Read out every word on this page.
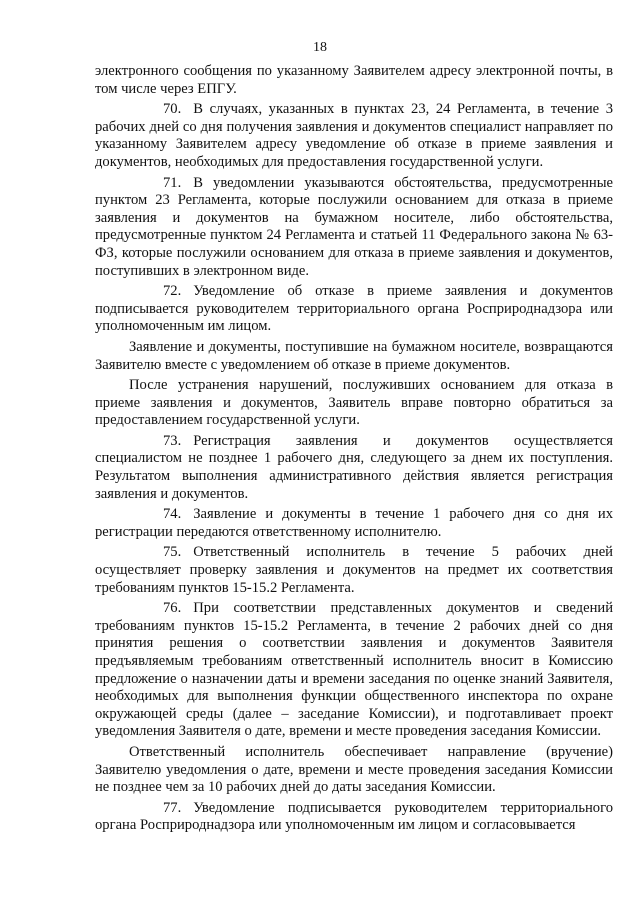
18

электронного сообщения по указанному Заявителем адресу электронной почты, в том числе через ЕПГУ.

70. В случаях, указанных в пунктах 23, 24 Регламента, в течение 3 рабочих дней со дня получения заявления и документов специалист направляет по указанному Заявителем адресу уведомление об отказе в приеме заявления и документов, необходимых для предоставления государственной услуги.

71. В уведомлении указываются обстоятельства, предусмотренные пунктом 23 Регламента, которые послужили основанием для отказа в приеме заявления и документов на бумажном носителе, либо обстоятельства, предусмотренные пунктом 24 Регламента и статьей 11 Федерального закона № 63-ФЗ, которые послужили основанием для отказа в приеме заявления и документов, поступивших в электронном виде.

72. Уведомление об отказе в приеме заявления и документов подписывается руководителем территориального органа Росприроднадзора или уполномоченным им лицом.

Заявление и документы, поступившие на бумажном носителе, возвращаются Заявителю вместе с уведомлением об отказе в приеме документов.

После устранения нарушений, послуживших основанием для отказа в приеме заявления и документов, Заявитель вправе повторно обратиться за предоставлением государственной услуги.

73. Регистрация заявления и документов осуществляется специалистом не позднее 1 рабочего дня, следующего за днем их поступления. Результатом выполнения административного действия является регистрация заявления и документов.

74. Заявление и документы в течение 1 рабочего дня со дня их регистрации передаются ответственному исполнителю.

75. Ответственный исполнитель в течение 5 рабочих дней осуществляет проверку заявления и документов на предмет их соответствия требованиям пунктов 15-15.2 Регламента.

76. При соответствии представленных документов и сведений требованиям пунктов 15-15.2 Регламента, в течение 2 рабочих дней со дня принятия решения о соответствии заявления и документов Заявителя предъявляемым требованиям ответственный исполнитель вносит в Комиссию предложение о назначении даты и времени заседания по оценке знаний Заявителя, необходимых для выполнения функции общественного инспектора по охране окружающей среды (далее – заседание Комиссии), и подготавливает проект уведомления Заявителя о дате, времени и месте проведения заседания Комиссии.

Ответственный исполнитель обеспечивает направление (вручение) Заявителю уведомления о дате, времени и месте проведения заседания Комиссии не позднее чем за 10 рабочих дней до даты заседания Комиссии.

77. Уведомление подписывается руководителем территориального органа Росприроднадзора или уполномоченным им лицом и согласовывается
